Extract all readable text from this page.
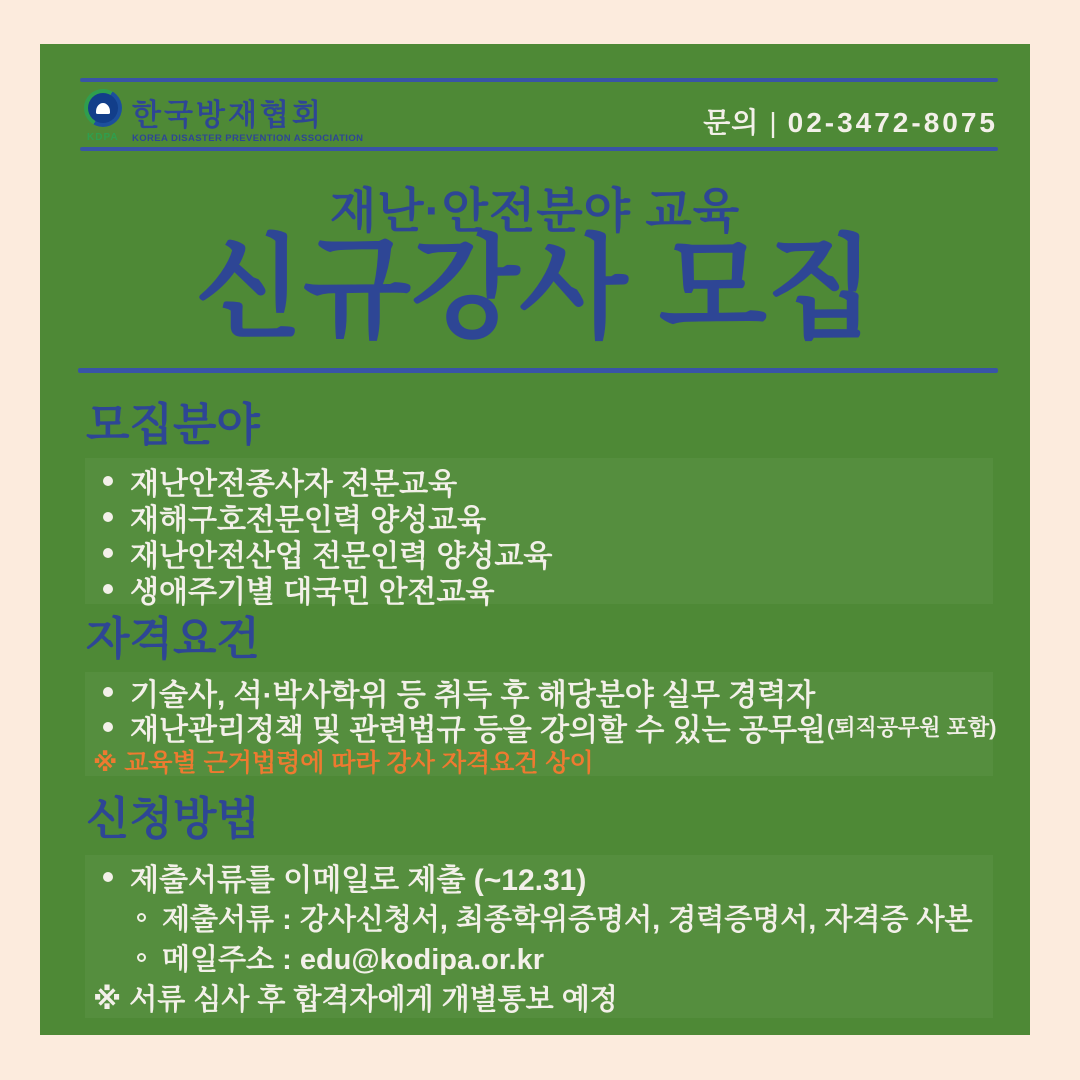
한국방재협회
KDPA KOREA DISASTER PREVENTION ASSOCIATION
문의 | 02-3472-8075
재난·안전분야 교육
신규강사 모집
모집분야
재난안전종사자 전문교육
재해구호전문인력 양성교육
재난안전산업 전문인력 양성교육
생애주기별 대국민 안전교육
자격요건
기술사, 석·박사학위 등 취득 후 해당분야 실무 경력자
재난관리정책 및 관련법규 등을 강의할 수 있는 공무원 (퇴직공무원 포함)
※ 교육별 근거법령에 따라 강사 자격요건 상이
신청방법
제출서류를 이메일로 제출 (~12.31)
제출서류 : 강사신청서, 최종학위증명서, 경력증명서, 자격증 사본
메일주소 : edu@kodipa.or.kr
※ 서류 심사 후 합격자에게 개별통보 예정
